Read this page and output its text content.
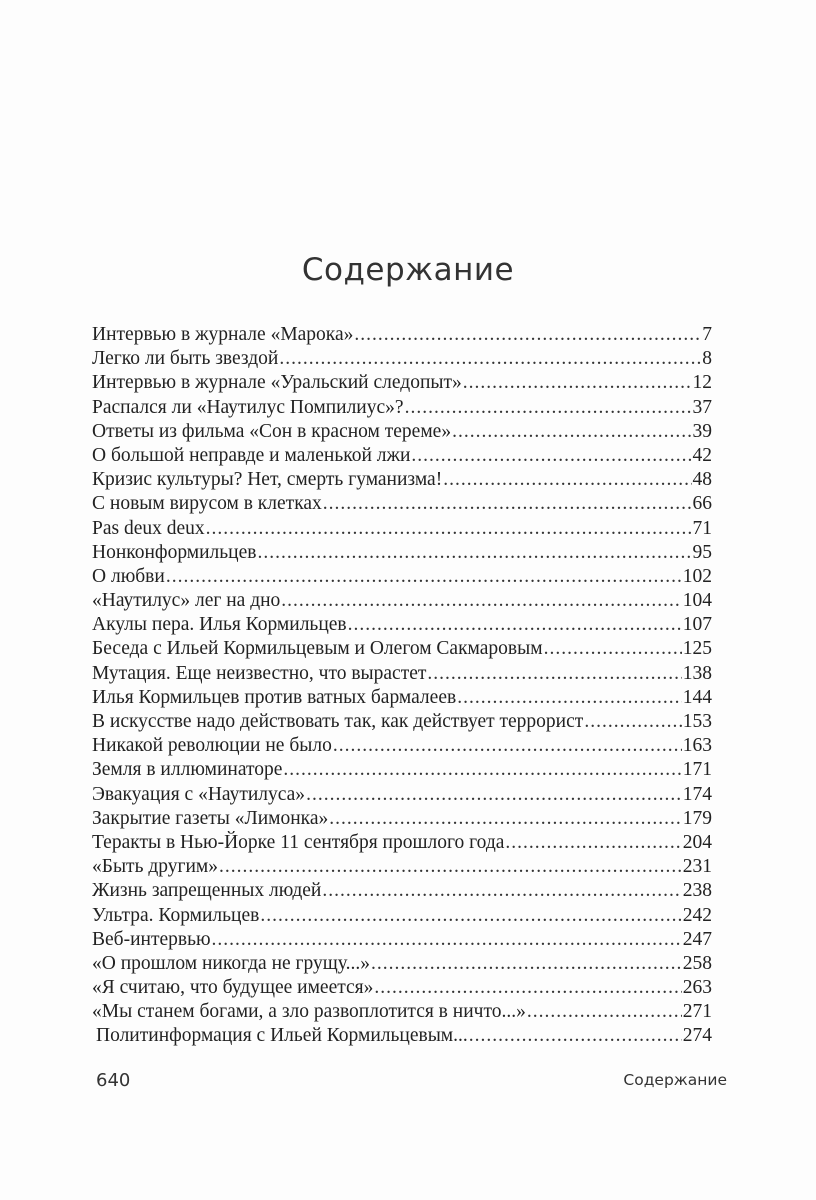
Содержание
Интервью в журнале «Марока» .....	7
Легко ли быть звездой .....	8
Интервью в журнале «Уральский следопыт» .....	12
Распался ли «Наутилус Помпилиус»? .....	37
Ответы из фильма «Сон в красном тереме» .....	39
О большой неправде и маленькой лжи .....	42
Кризис культуры? Нет, смерть гуманизма! .....	48
С новым вирусом в клетках .....	66
Pas deux deux .....	71
Нонконформильцев .....	95
О любви .....	102
«Наутилус» лег на дно .....	104
Акулы пера. Илья Кормильцев .....	107
Беседа с Ильей Кормильцевым и Олегом Сакмаровым .....	125
Мутация. Еще неизвестно, что вырастет .....	138
Илья Кормильцев против ватных бармалеев .....	144
В искусстве надо действовать так, как действует террорист .....	153
Никакой революции не было .....	163
Земля в иллюминаторе .....	171
Эвакуация с «Наутилуса» .....	174
Закрытие газеты «Лимонка» .....	179
Теракты в Нью-Йорке 11 сентября прошлого года .....	204
«Быть другим» .....	231
Жизнь запрещенных людей .....	238
Ультра. Кормильцев .....	242
Веб-интервью .....	247
«О прошлом никогда не грущу...» .....	258
«Я считаю, что будущее имеется» .....	263
«Мы станем богами, а зло развоплотится в ничто...» .....	271
Политинформация с Ильей Кормильцевым... .....	274
640	Содержание
